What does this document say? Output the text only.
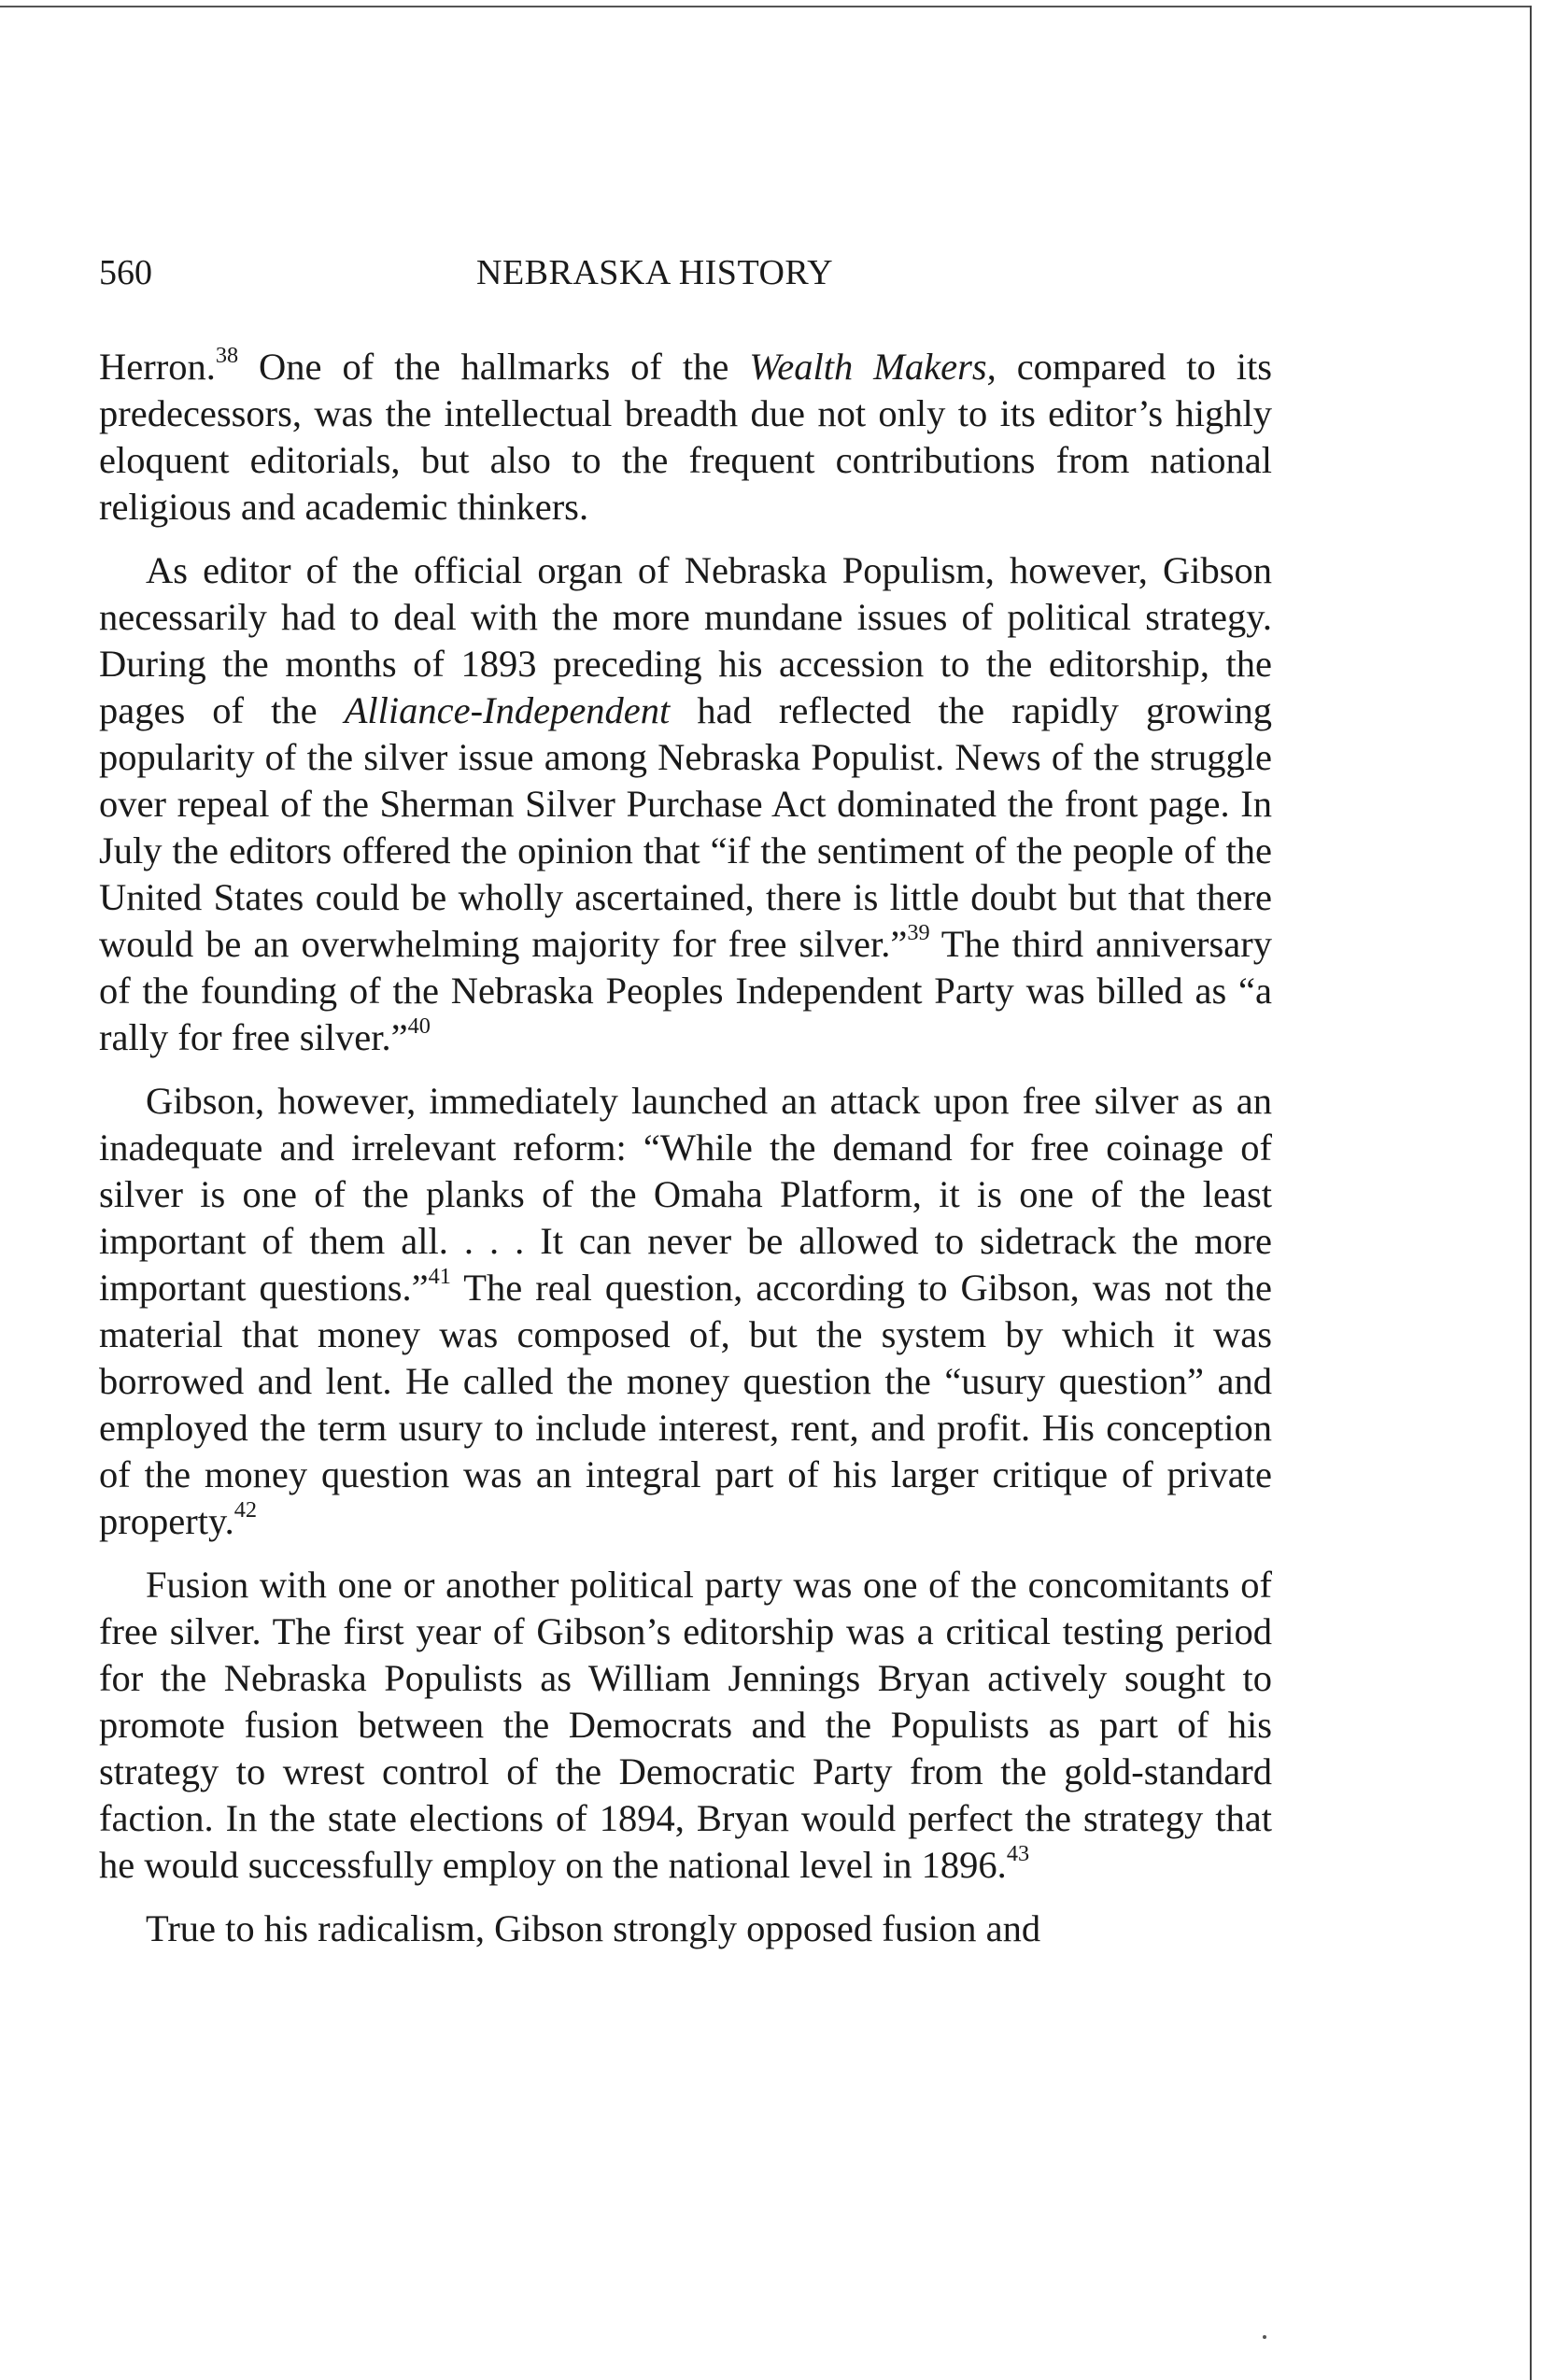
560	NEBRASKA HISTORY

Herron.$^{38}$ One of the hallmarks of the Wealth Makers, compared to its predecessors, was the intellectual breadth due not only to its editor’s highly eloquent editorials, but also to the frequent contributions from national religious and academic thinkers.

As editor of the official organ of Nebraska Populism, however, Gibson necessarily had to deal with the more mundane issues of political strategy. During the months of 1893 preceding his accession to the editorship, the pages of the Alliance-Independent had reflected the rapidly growing popularity of the silver issue among Nebraska Populist. News of the struggle over repeal of the Sherman Silver Purchase Act dominated the front page. In July the editors offered the opinion that “if the sentiment of the people of the United States could be wholly ascertained, there is little doubt but that there would be an overwhelming majority for free silver.”$^{39}$ The third anniversary of the founding of the Nebraska Peoples Independent Party was billed as “a rally for free silver.”$^{40}$

Gibson, however, immediately launched an attack upon free silver as an inadequate and irrelevant reform: “While the demand for free coinage of silver is one of the planks of the Omaha Platform, it is one of the least important of them all. . . . It can never be allowed to sidetrack the more important questions.”$^{41}$ The real question, according to Gibson, was not the material that money was composed of, but the system by which it was borrowed and lent. He called the money question the “usury question” and employed the term usury to include interest, rent, and profit. His conception of the money question was an integral part of his larger critique of private property.$^{42}$

Fusion with one or another political party was one of the concomitants of free silver. The first year of Gibson’s editorship was a critical testing period for the Nebraska Populists as William Jennings Bryan actively sought to promote fusion between the Democrats and the Populists as part of his strategy to wrest control of the Democratic Party from the gold-standard faction. In the state elections of 1894, Bryan would perfect the strategy that he would successfully employ on the national level in 1896.43

True to his radicalism, Gibson strongly opposed fusion and
